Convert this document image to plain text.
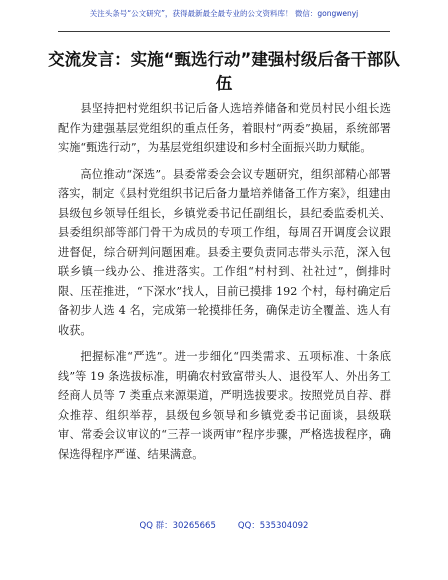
关注头条号“公文研究”，获得最新最全最专业的公文资料库！ 微信：gongwenyj
交流发言：实施“甄选行动”建强村级后备干部队伍

县坚持把村党组织书记后备人选培养储备和党员村民小组长选配作为建强基层党组织的重点任务，着眼村“两委”换届，系统部署实施“甄选行动”，为基层党组织建设和乡村全面振兴助力赋能。

高位推动“深选”。县委常委会会议专题研究，组织部精心部署落实，制定《县村党组织书记后备力量培养储备工作方案》，组建由县级包乡领导任组长，乡镇党委书记任副组长，县纪委监委机关、县委组织部等部门骨干为成员的专项工作组，每周召开调度会议跟进督促，综合研判问题困难。县委主要负责同志带头示范，深入包联乡镇一线办公、推进落实。工作组“村村到、社社过”，倒排时限、压茬推进，“下深水”找人，目前已摸排 192 个村，每村确定后备初步人选 4 名，完成第一轮摸排任务，确保走访全覆盖、选人有收获。

把握标准“严选”。进一步细化“四类需求、五项标准、十条底线”等 19 条选拔标准，明确农村致富带头人、退役军人、外出务工经商人员等 7 类重点来源渠道，严明选拔要求。按照党员自荐、群众推荐、组织举荐，县级包乡领导和乡镇党委书记面谈，县级联审、常委会议审议的“三荐一谈两审”程序步骤，严格选拔程序，确保选得程序严谨、结果满意。

QQ 群：30265665	QQ：535304092
